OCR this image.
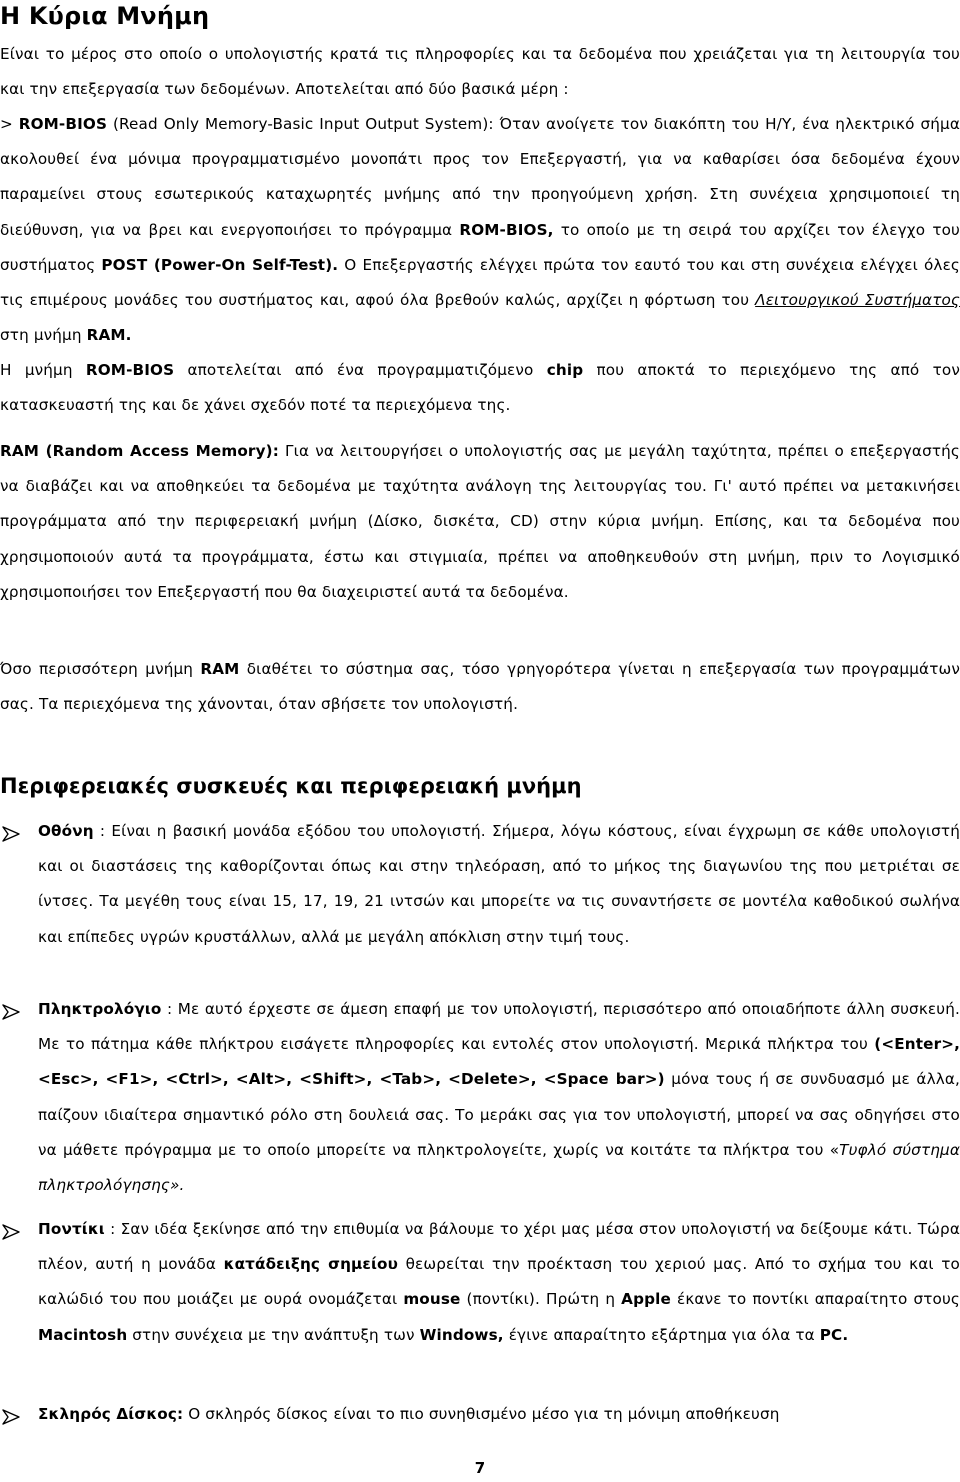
Η Κύρια Μνήμη

Είναι το μέρος στο οποίο ο υπολογιστής κρατά τις πληροφορίες και τα δεδομένα που χρειάζεται για τη λειτουργία του και την επεξεργασία των δεδομένων. Αποτελείται από δύο βασικά μέρη :

> ROM-BIOS (Read Only Memory-Basic Input Output System): Όταν ανοίγετε τον διακόπτη του Η/Υ, ένα ηλεκτρικό σήμα ακολουθεί ένα μόνιμα προγραμματισμένο μονοπάτι προς τον Επεξεργαστή, για να καθαρίσει όσα δεδομένα έχουν παραμείνει στους εσωτερικούς καταχωρητές μνήμης από την προηγούμενη χρήση. Στη συνέχεια χρησιμοποιεί τη διεύθυνση, για να βρει και ενεργοποιήσει το πρόγραμμα ROM-BIOS, το οποίο με τη σειρά του αρχίζει τον έλεγχο του συστήματος POST (Power-On Self-Test). Ο Επεξεργαστής ελέγχει πρώτα τον εαυτό του και στη συνέχεια ελέγχει όλες τις επιμέρους μονάδες του συστήματος και, αφού όλα βρεθούν καλώς, αρχίζει η φόρτωση του Λειτουργικού Συστήματος στη μνήμη RAM.

Η μνήμη ROM-BIOS αποτελείται από ένα προγραμματιζόμενο chip που αποκτά το περιεχόμενο της από τον κατασκευαστή της και δε χάνει σχεδόν ποτέ τα περιεχόμενα της.

RAM (Random Access Memory): Για να λειτουργήσει ο υπολογιστής σας με μεγάλη ταχύτητα, πρέπει ο επεξεργαστής να διαβάζει και να αποθηκεύει τα δεδομένα με ταχύτητα ανάλογη της λειτουργίας του. Γι' αυτό πρέπει να μετακινήσει προγράμματα από την περιφερειακή μνήμη (Δίσκο, δισκέτα, CD) στην κύρια μνήμη. Επίσης, και τα δεδομένα που χρησιμοποιούν αυτά τα προγράμματα, έστω και στιγμιαία, πρέπει να αποθηκευθούν στη μνήμη, πριν το Λογισμικό χρησιμοποιήσει τον Επεξεργαστή που θα διαχειριστεί αυτά τα δεδομένα.

Όσο περισσότερη μνήμη RAM διαθέτει το σύστημα σας, τόσο γρηγορότερα γίνεται η επεξεργασία των προγραμμάτων σας. Τα περιεχόμενα της χάνονται, όταν σβήσετε τον υπολογιστή.

Περιφερειακές συσκευές και περιφερειακή μνήμη

Οθόνη : Είναι η βασική μονάδα εξόδου του υπολογιστή. Σήμερα, λόγω κόστους, είναι έγχρωμη σε κάθε υπολογιστή και οι διαστάσεις της καθορίζονται όπως και στην τηλεόραση, από το μήκος της διαγωνίου της που μετριέται σε ίντσες. Τα μεγέθη τους είναι 15, 17, 19, 21 ιντσών και μπορείτε να τις συναντήσετε σε μοντέλα καθοδικού σωλήνα και επίπεδες υγρών κρυστάλλων, αλλά με μεγάλη απόκλιση στην τιμή τους.

Πληκτρολόγιο : Με αυτό έρχεστε σε άμεση επαφή με τον υπολογιστή, περισσότερο από οποιαδήποτε άλλη συσκευή. Με το πάτημα κάθε πλήκτρου εισάγετε πληροφορίες και εντολές στον υπολογιστή. Μερικά πλήκτρα του (<Enter>, <Esc>, <F1>, <Ctrl>, <Alt>, <Shift>, <Tab>, <Delete>, <Space bar>) μόνα τους ή σε συνδυασμό με άλλα, παίζουν ιδιαίτερα σημαντικό ρόλο στη δουλειά σας. Το μεράκι σας για τον υπολογιστή, μπορεί να σας οδηγήσει στο να μάθετε πρόγραμμα με το οποίο μπορείτε να πληκτρολογείτε, χωρίς να κοιτάτε τα πλήκτρα του «Τυφλό σύστημα πληκτρολόγησης».

Ποντίκι : Σαν ιδέα ξεκίνησε από την επιθυμία να βάλουμε το χέρι μας μέσα στον υπολογιστή να δείξουμε κάτι. Τώρα πλέον, αυτή η μονάδα κατάδειξης σημείου θεωρείται την προέκταση του χεριού μας. Από το σχήμα του και το καλώδιό του που μοιάζει με ουρά ονομάζεται mouse (ποντίκι). Πρώτη η Apple έκανε το ποντίκι απαραίτητο στους Macintosh στην συνέχεια με την ανάπτυξη των Windows, έγινε απαραίτητο εξάρτημα για όλα τα PC.

Σκληρός Δίσκος: Ο σκληρός δίσκος είναι το πιο συνηθισμένο μέσο για τη μόνιμη αποθήκευση

7
